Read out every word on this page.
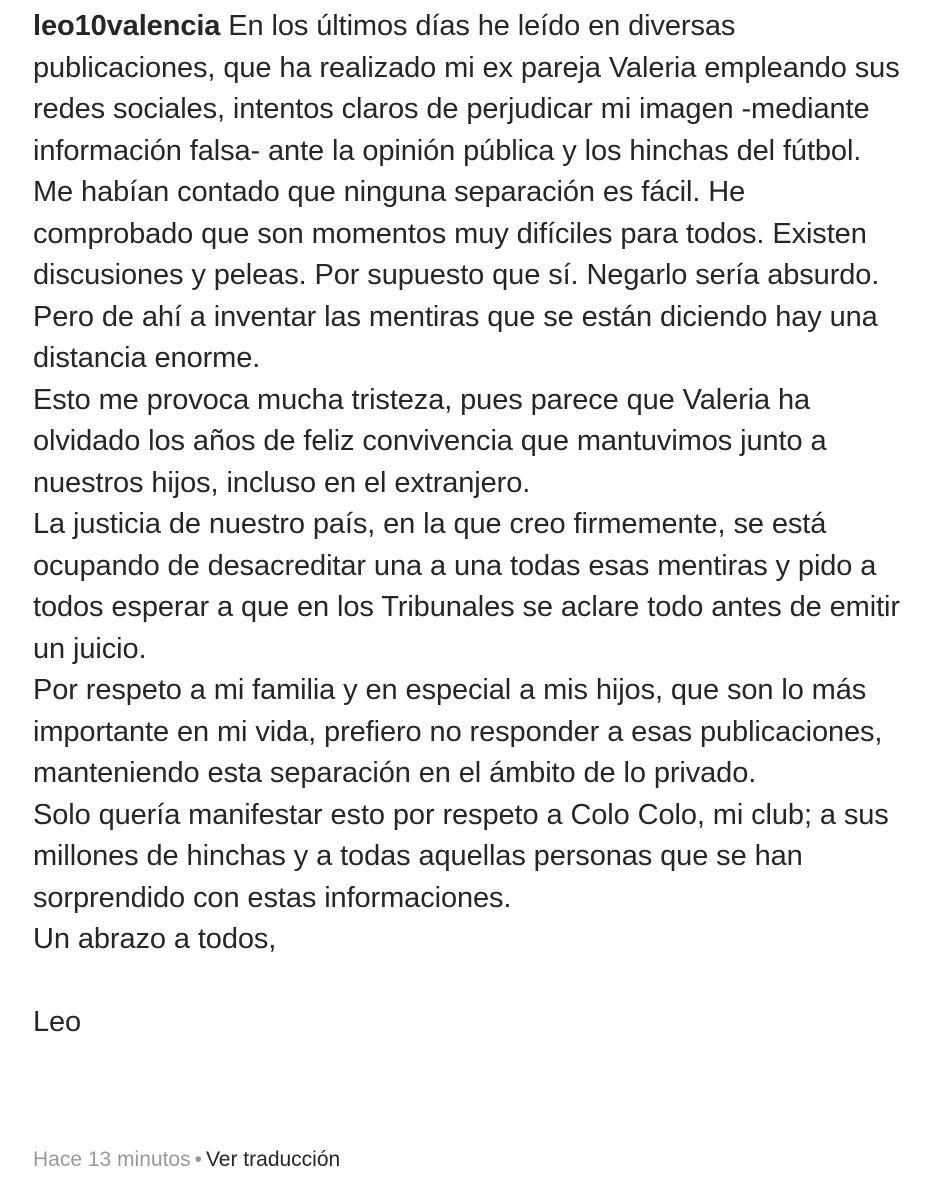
leo10valencia En los últimos días he leído en diversas publicaciones, que ha realizado mi ex pareja Valeria empleando sus redes sociales, intentos claros de perjudicar mi imagen -mediante información falsa- ante la opinión pública y los hinchas del fútbol.
Me habían contado que ninguna separación es fácil. He comprobado que son momentos muy difíciles para todos. Existen discusiones y peleas. Por supuesto que sí. Negarlo sería absurdo. Pero de ahí a inventar las mentiras que se están diciendo hay una distancia enorme.
Esto me provoca mucha tristeza, pues parece que Valeria ha olvidado los años de feliz convivencia que mantuvimos junto a nuestros hijos, incluso en el extranjero.
La justicia de nuestro país, en la que creo firmemente, se está ocupando de desacreditar una a una todas esas mentiras y pido a todos esperar a que en los Tribunales se aclare todo antes de emitir un juicio.
Por respeto a mi familia y en especial a mis hijos, que son lo más importante en mi vida, prefiero no responder a esas publicaciones, manteniendo esta separación en el ámbito de lo privado.
Solo quería manifestar esto por respeto a Colo Colo, mi club; a sus millones de hinchas y a todas aquellas personas que se han sorprendido con estas informaciones.
Un abrazo a todos,
Leo

Hace 13 minutos • Ver traducción
